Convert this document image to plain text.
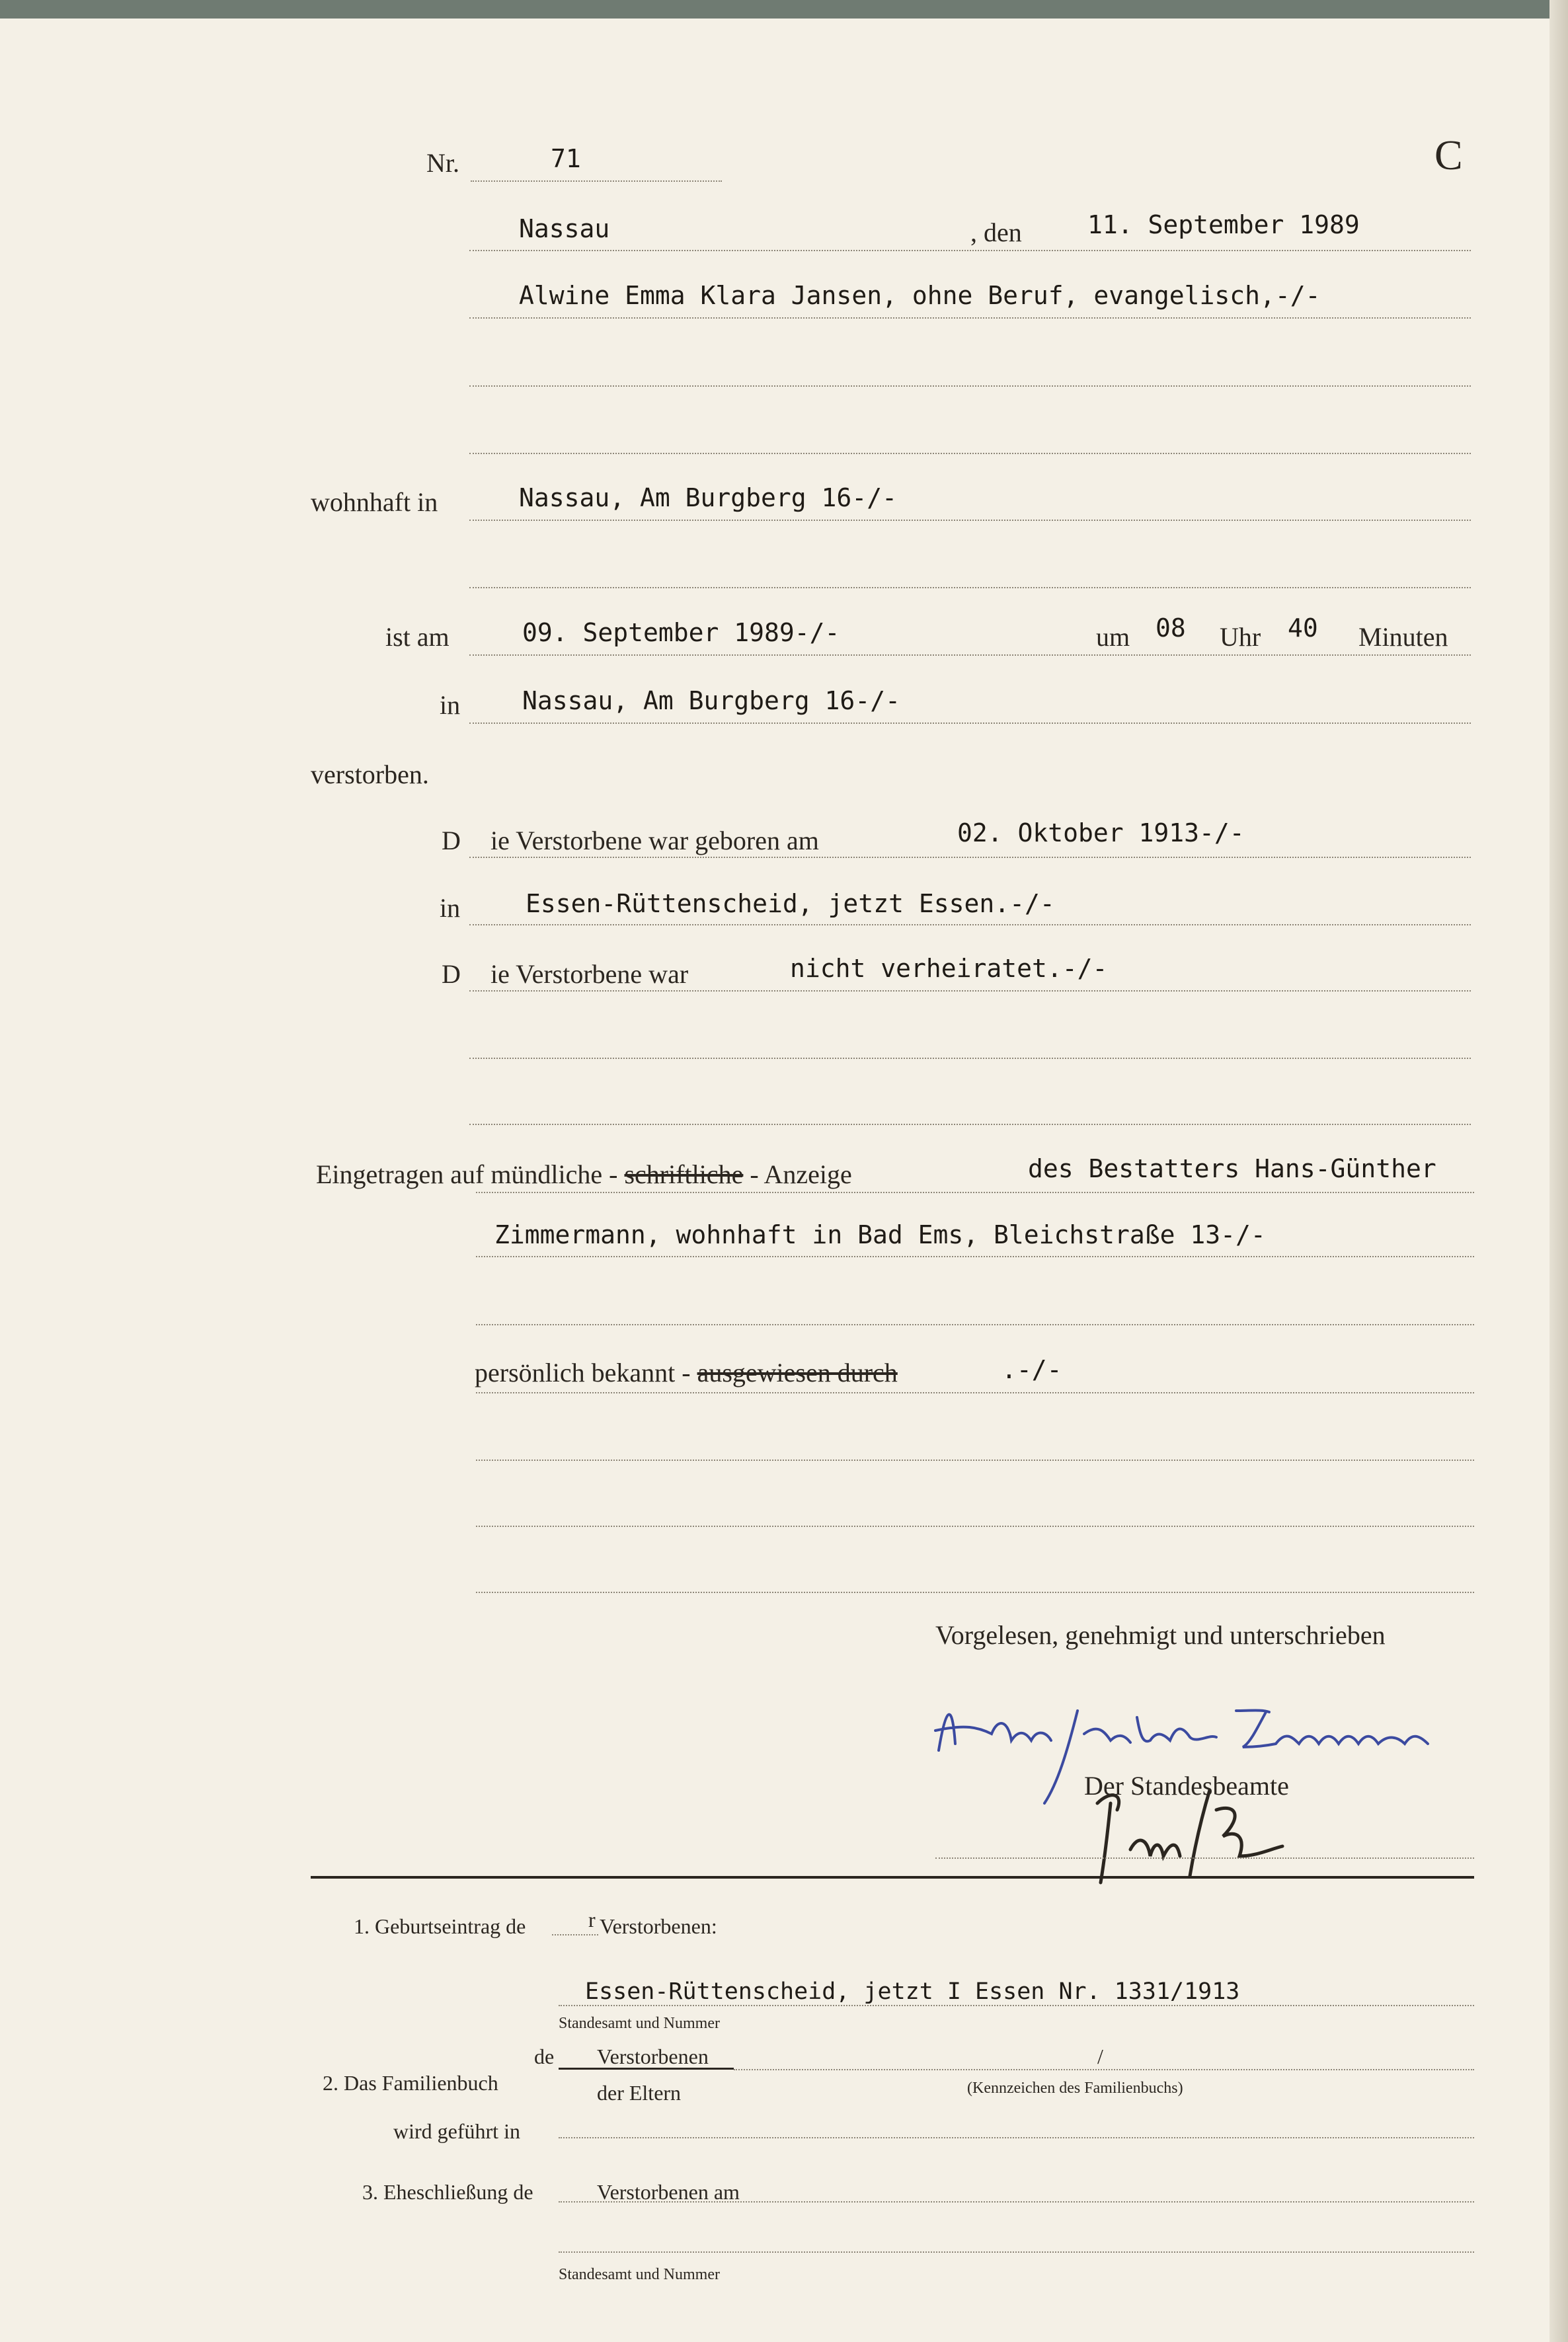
Nr.	71	C
Nassau	, den	11. September 1989
Alwine Emma Klara Jansen, ohne Beruf, evangelisch,-/-
wohnhaft in	Nassau, Am Burgberg 16-/-
ist am	09. September 1989-/-	um 08 Uhr 40 Minuten
in Nassau, Am Burgberg 16-/-
verstorben.
D ie Verstorbene war geboren am	02. Oktober 1913-/-
in	Essen-Rüttenscheid, jetzt Essen.-/-
D ie Verstorbene war	nicht verheiratet.-/-
Eingetragen auf mündliche - schriftliche - Anzeige	des Bestatters Hans-Günther
Zimmermann, wohnhaft in Bad Ems, Bleichstraße 13-/-
persönlich bekannt - ausgewiesen durch	.-/-
Vorgelesen, genehmigt und unterschrieben
Der Standesbeamte
1. Geburtseintrag de	r Verstorbenen:
Essen-Rüttenscheid, jetzt I Essen Nr. 1331/1913
Standesamt und Nummer
de Verstorbenen	/
2. Das Familienbuch	der Eltern	(Kennzeichen des Familienbuchs)
wird geführt in
3. Eheschließung de	Verstorbenen am
Standesamt und Nummer
